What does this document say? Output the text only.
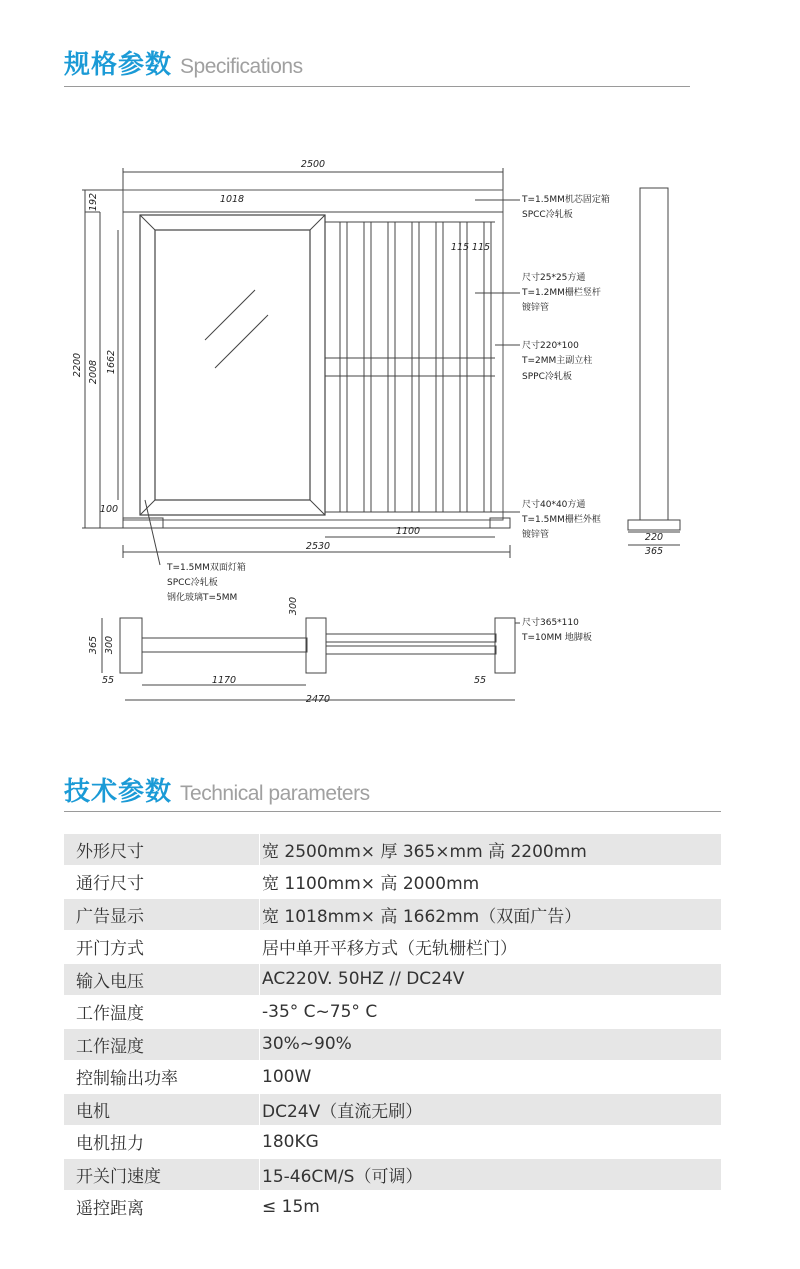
规格参数 Specifications
2500
1018
2200 2008 1662
192
100
115 115
1100
2530
220
365
365 300
300
55	55
1170
2470
T=1.5MM机芯固定箱
SPCC冷轧板
尺寸25*25方通
T=1.2MM栅栏竖杆
镀锌管
尺寸220*100
T=2MM主副立柱
SPPC冷轧板
尺寸40*40方通
T=1.5MM栅栏外框
镀锌管
T=1.5MM双面灯箱
SPCC冷轧板
钢化玻璃T=5MM
尺寸365*110
T=10MM 地脚板
技术参数 Technical parameters
外形尺寸	宽 2500mm× 厚 365×mm 高 2200mm
通行尺寸	宽 1100mm× 高 2000mm
广告显示	宽 1018mm× 高 1662mm（双面广告）
开门方式	居中单开平移方式（无轨栅栏门）
输入电压	AC220V. 50HZ // DC24V
工作温度	-35° C~75° C
工作湿度	30%~90%
控制输出功率	100W
电机	DC24V（直流无刷）
电机扭力	180KG
开关门速度	15-46CM/S（可调）
遥控距离	≤ 15m
